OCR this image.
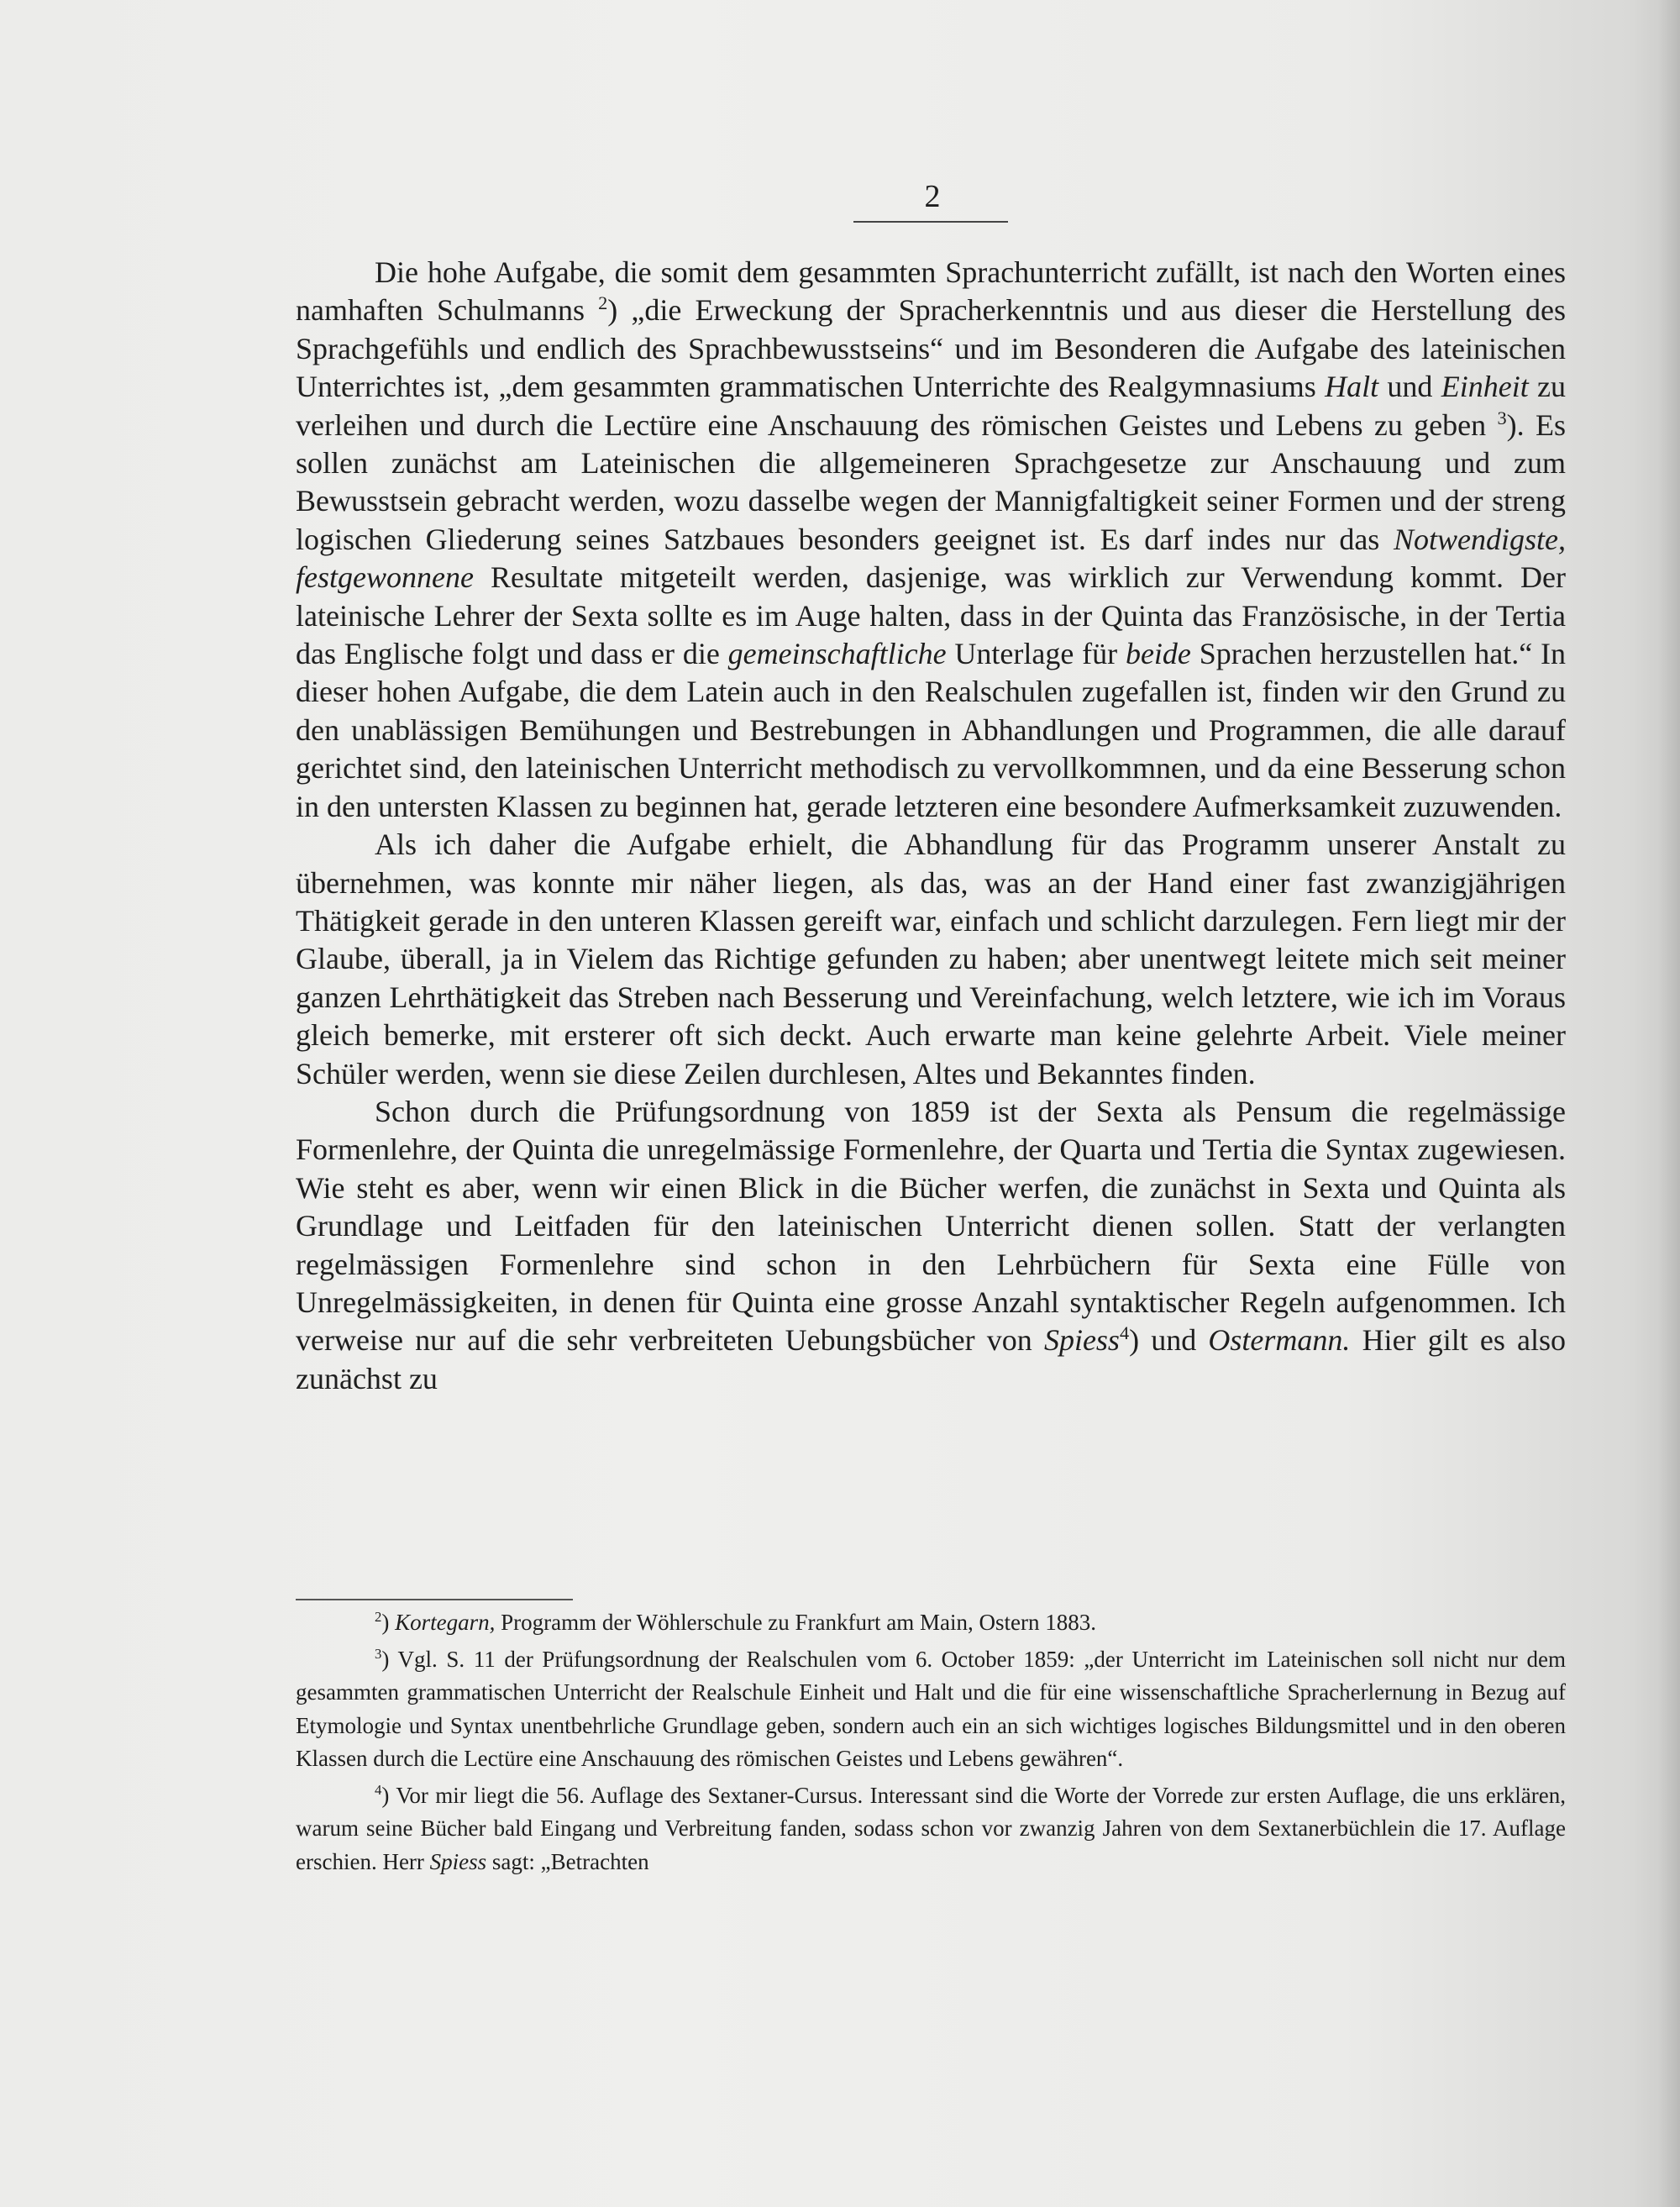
2

Die hohe Aufgabe, die somit dem gesammten Sprachunterricht zufällt, ist nach den Worten eines namhaften Schulmanns $^2$) „die Erweckung der Spracherkenntnis und aus dieser die Herstellung des Sprachgefühls und endlich des Sprachbewusstseins“ und im Besonderen die Aufgabe des lateinischen Unterrichtes ist, „dem gesammten grammatischen Unterrichte des Realgymnasiums Halt und Einheit zu verleihen und durch die Lectüre eine Anschauung des römischen Geistes und Lebens zu geben $^3$). Es sollen zunächst am Lateinischen die allgemeineren Sprachgesetze zur Anschauung und zum Bewusstsein gebracht werden, wozu dasselbe wegen der Mannigfaltigkeit seiner Formen und der streng logischen Gliederung seines Satzbaues besonders geeignet ist. Es darf indes nur das Notwendigste, festgewonnene Resultate mitgeteilt werden, dasjenige, was wirklich zur Verwendung kommt. Der lateinische Lehrer der Sexta sollte es im Auge halten, dass in der Quinta das Französische, in der Tertia das Englische folgt und dass er die gemeinschaftliche Unterlage für beide Sprachen herzustellen hat.“ In dieser hohen Aufgabe, die dem Latein auch in den Realschulen zugefallen ist, finden wir den Grund zu den unablässigen Bemühungen und Bestrebungen in Abhandlungen und Programmen, die alle darauf gerichtet sind, den lateinischen Unterricht methodisch zu vervollkommnen, und da eine Besserung schon in den untersten Klassen zu beginnen hat, gerade letzteren eine besondere Aufmerksamkeit zuzuwenden.

Als ich daher die Aufgabe erhielt, die Abhandlung für das Programm unserer Anstalt zu übernehmen, was konnte mir näher liegen, als das, was an der Hand einer fast zwanzigjährigen Thätigkeit gerade in den unteren Klassen gereift war, einfach und schlicht darzulegen. Fern liegt mir der Glaube, überall, ja in Vielem das Richtige gefunden zu haben; aber unentwegt leitete mich seit meiner ganzen Lehrthätigkeit das Streben nach Besserung und Vereinfachung, welch letztere, wie ich im Voraus gleich bemerke, mit ersterer oft sich deckt. Auch erwarte man keine gelehrte Arbeit. Viele meiner Schüler werden, wenn sie diese Zeilen durchlesen, Altes und Bekanntes finden.

Schon durch die Prüfungsordnung von 1859 ist der Sexta als Pensum die regelmässige Formenlehre, der Quinta die unregelmässige Formenlehre, der Quarta und Tertia die Syntax zugewiesen. Wie steht es aber, wenn wir einen Blick in die Bücher werfen, die zunächst in Sexta und Quinta als Grundlage und Leitfaden für den lateinischen Unterricht dienen sollen. Statt der verlangten regelmässigen Formenlehre sind schon in den Lehrbüchern für Sexta eine Fülle von Unregelmässigkeiten, in denen für Quinta eine grosse Anzahl syntaktischer Regeln aufgenommen. Ich verweise nur auf die sehr verbreiteten Uebungsbücher von Spiess$^4$) und Ostermann. Hier gilt es also zunächst zu

$^2$) Kortegarn, Programm der Wöhlerschule zu Frankfurt am Main, Ostern 1883.

$^3$) Vgl. S. 11 der Prüfungsordnung der Realschulen vom 6. October 1859: „der Unterricht im Lateinischen soll nicht nur dem gesammten grammatischen Unterricht der Realschule Einheit und Halt und die für eine wissenschaftliche Spracherlernung in Bezug auf Etymologie und Syntax unentbehrliche Grundlage geben, sondern auch ein an sich wichtiges logisches Bildungsmittel und in den oberen Klassen durch die Lectüre eine Anschauung des römischen Geistes und Lebens gewähren“.

$^4$) Vor mir liegt die 56. Auflage des Sextaner-Cursus. Interessant sind die Worte der Vorrede zur ersten Auflage, die uns erklären, warum seine Bücher bald Eingang und Verbreitung fanden, sodass schon vor zwanzig Jahren von dem Sextanerbüchlein die 17. Auflage erschien. Herr Spiess sagt: „Betrachten
